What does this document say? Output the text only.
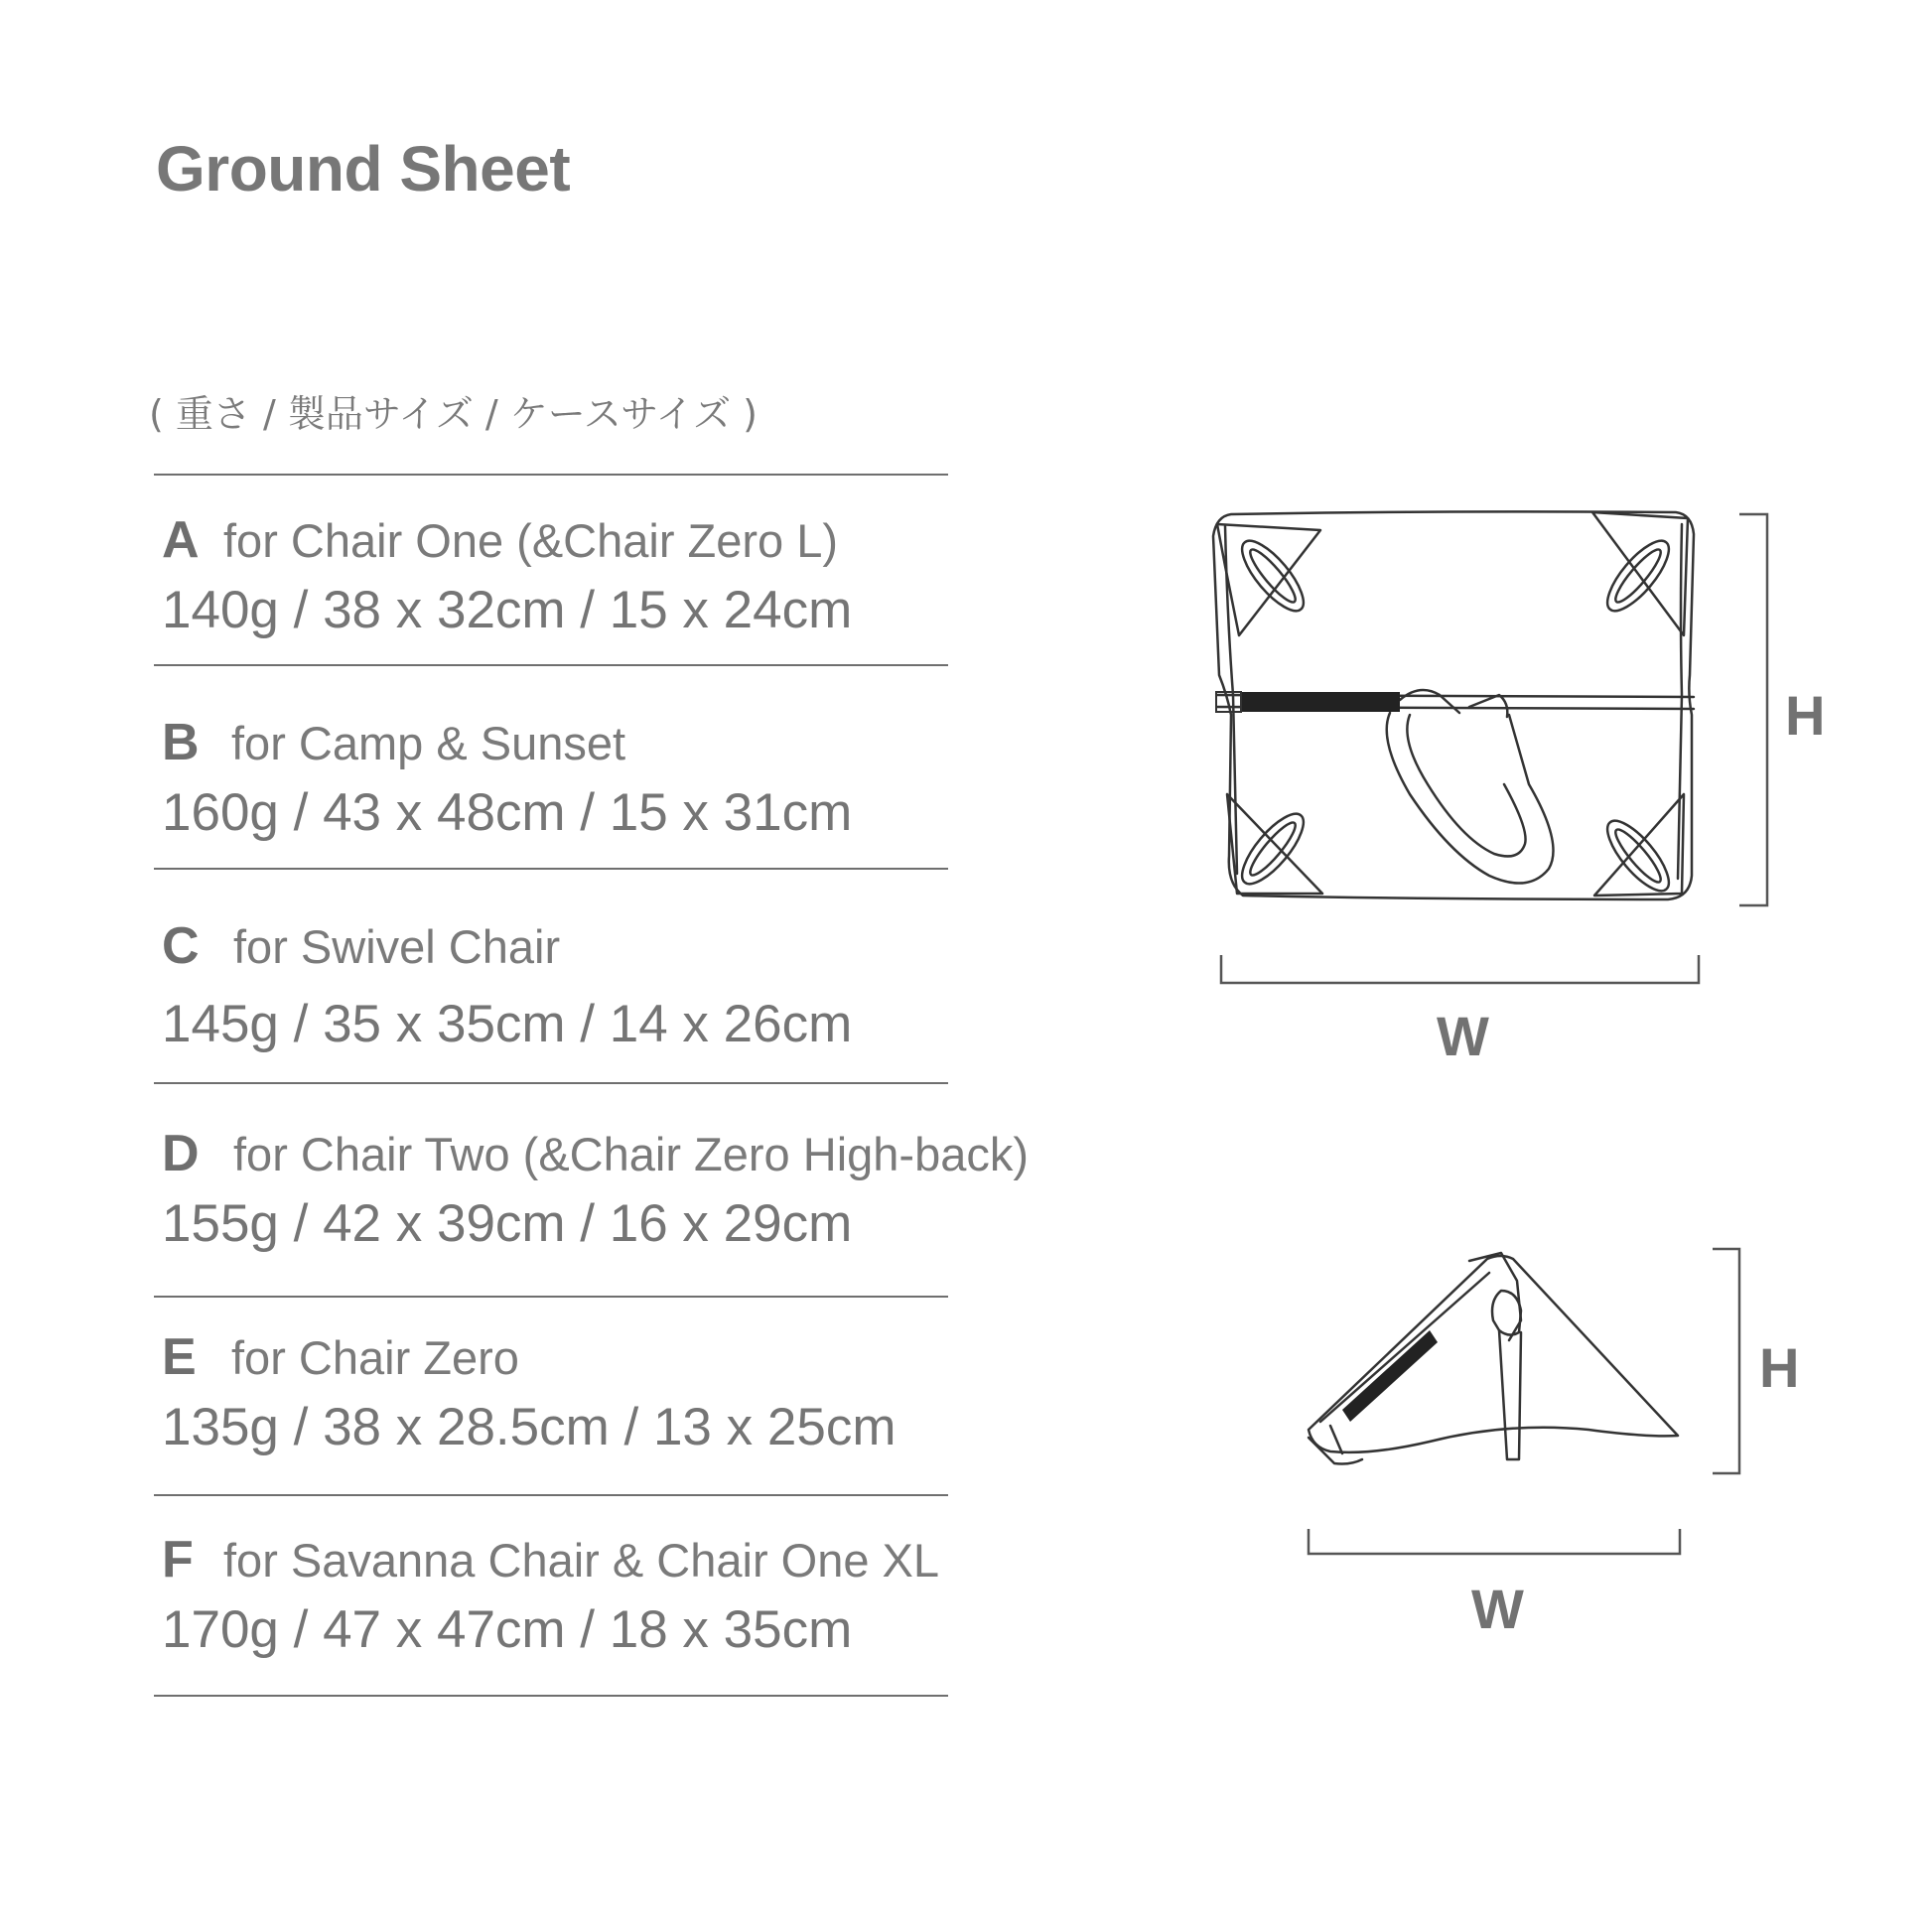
Ground Sheet
( 重さ / 製品サイズ / ケースサイズ )
A for Chair One (&Chair Zero L)
140g / 38 x 32cm / 15 x 24cm
B for Camp & Sunset
160g / 43 x 48cm / 15 x 31cm
C for Swivel Chair
145g / 35 x 35cm / 14 x 26cm
D for Chair Two (&Chair Zero High-back)
155g / 42 x 39cm / 16 x 29cm
E for Chair Zero
135g / 38 x 28.5cm / 13 x 25cm
F for Savanna Chair & Chair One XL
170g / 47 x 47cm / 18 x 35cm
H
W
H
W
